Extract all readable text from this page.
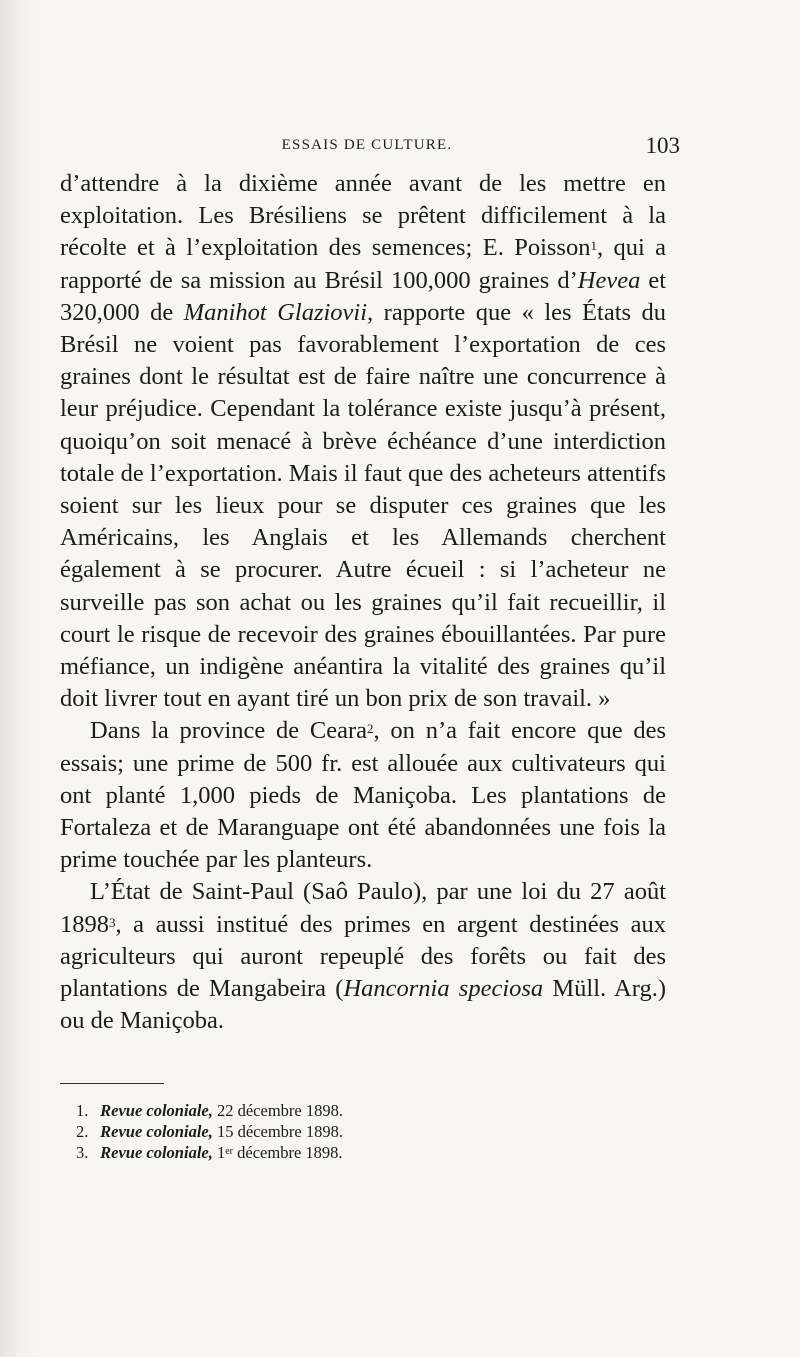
ESSAIS DE CULTURE.	103

d’attendre à la dixième année avant de les mettre en exploitation. Les Brésiliens se prêtent difficilement à la récolte et à l’exploitation des semences; E. Poisson$^1$, qui a rapporté de sa mission au Brésil 100,000 graines d’Hevea et 320,000 de Manihot Glaziovii, rapporte que « les États du Brésil ne voient pas favorablement l’exportation de ces graines dont le résultat est de faire naître une concurrence à leur préjudice. Cependant la tolérance existe jusqu’à présent, quoiqu’on soit menacé à brève échéance d’une interdiction totale de l’exportation. Mais il faut que des acheteurs attentifs soient sur les lieux pour se disputer ces graines que les Américains, les Anglais et les Allemands cherchent également à se procurer. Autre écueil : si l’acheteur ne surveille pas son achat ou les graines qu’il fait recueillir, il court le risque de recevoir des graines ébouillantées. Par pure méfiance, un indigène anéantira la vitalité des graines qu’il doit livrer tout en ayant tiré un bon prix de son travail. »

Dans la province de Ceara$^2$, on n’a fait encore que des essais; une prime de 500 fr. est allouée aux cultivateurs qui ont planté 1,000 pieds de Maniçoba. Les plantations de Fortaleza et de Maranguape ont été abandonnées une fois la prime touchée par les planteurs.

L’État de Saint-Paul (Saô Paulo), par une loi du 27 août 1898$^3$, a aussi institué des primes en argent destinées aux agriculteurs qui auront repeuplé des forêts ou fait des plantations de Mangabeira (Hancornia speciosa Müll. Arg.) ou de Maniçoba.

1. Revue coloniale, 22 décembre 1898.
2. Revue coloniale, 15 décembre 1898.
3. Revue coloniale, 1er décembre 1898.
